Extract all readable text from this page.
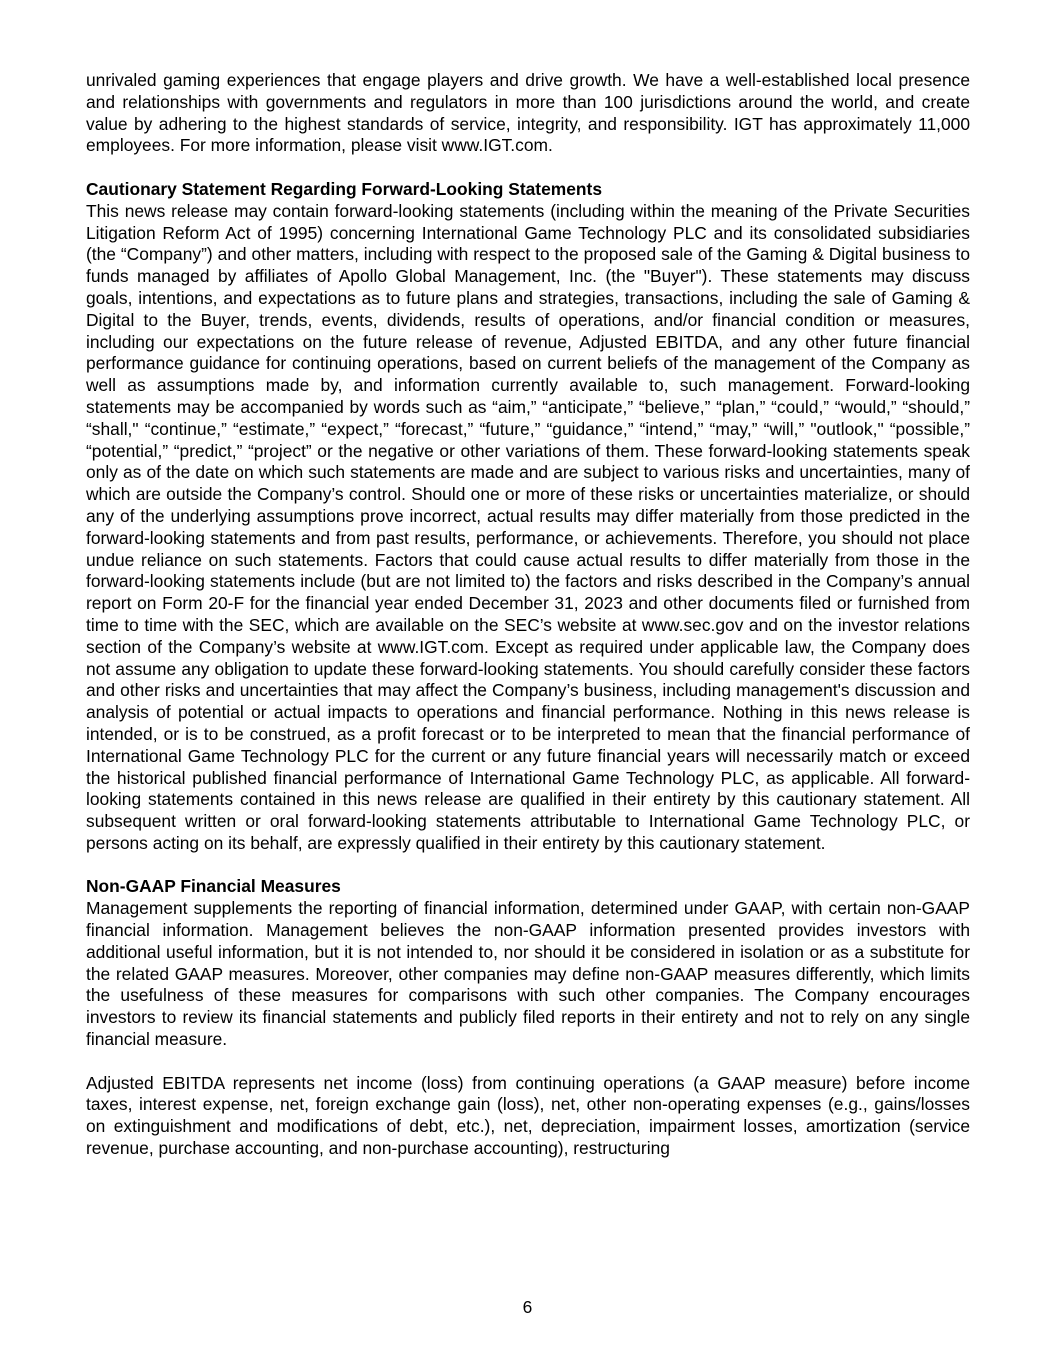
unrivaled gaming experiences that engage players and drive growth. We have a well-established local presence and relationships with governments and regulators in more than 100 jurisdictions around the world, and create value by adhering to the highest standards of service, integrity, and responsibility. IGT has approximately 11,000 employees. For more information, please visit www.IGT.com.

Cautionary Statement Regarding Forward-Looking Statements

This news release may contain forward-looking statements (including within the meaning of the Private Securities Litigation Reform Act of 1995) concerning International Game Technology PLC and its consolidated subsidiaries (the “Company”) and other matters, including with respect to the proposed sale of the Gaming & Digital business to funds managed by affiliates of Apollo Global Management, Inc. (the "Buyer"). These statements may discuss goals, intentions, and expectations as to future plans and strategies, transactions, including the sale of Gaming & Digital to the Buyer, trends, events, dividends, results of operations, and/or financial condition or measures, including our expectations on the future release of revenue, Adjusted EBITDA, and any other future financial performance guidance for continuing operations, based on current beliefs of the management of the Company as well as assumptions made by, and information currently available to, such management. Forward-looking statements may be accompanied by words such as “aim,” “anticipate,” “believe,” “plan,” “could,” “would,” “should,” “shall," “continue,” “estimate,” “expect,” “forecast,” “future,” “guidance,” “intend,” “may,” “will,” "outlook," “possible,” “potential,” “predict,” “project” or the negative or other variations of them. These forward-looking statements speak only as of the date on which such statements are made and are subject to various risks and uncertainties, many of which are outside the Company’s control. Should one or more of these risks or uncertainties materialize, or should any of the underlying assumptions prove incorrect, actual results may differ materially from those predicted in the forward-looking statements and from past results, performance, or achievements. Therefore, you should not place undue reliance on such statements. Factors that could cause actual results to differ materially from those in the forward-looking statements include (but are not limited to) the factors and risks described in the Company’s annual report on Form 20-F for the financial year ended December 31, 2023 and other documents filed or furnished from time to time with the SEC, which are available on the SEC’s website at www.sec.gov and on the investor relations section of the Company’s website at www.IGT.com. Except as required under applicable law, the Company does not assume any obligation to update these forward-looking statements. You should carefully consider these factors and other risks and uncertainties that may affect the Company’s business, including management's discussion and analysis of potential or actual impacts to operations and financial performance. Nothing in this news release is intended, or is to be construed, as a profit forecast or to be interpreted to mean that the financial performance of International Game Technology PLC for the current or any future financial years will necessarily match or exceed the historical published financial performance of International Game Technology PLC, as applicable. All forward-looking statements contained in this news release are qualified in their entirety by this cautionary statement. All subsequent written or oral forward-looking statements attributable to International Game Technology PLC, or persons acting on its behalf, are expressly qualified in their entirety by this cautionary statement.

Non-GAAP Financial Measures

Management supplements the reporting of financial information, determined under GAAP, with certain non-GAAP financial information. Management believes the non-GAAP information presented provides investors with additional useful information, but it is not intended to, nor should it be considered in isolation or as a substitute for the related GAAP measures. Moreover, other companies may define non-GAAP measures differently, which limits the usefulness of these measures for comparisons with such other companies. The Company encourages investors to review its financial statements and publicly filed reports in their entirety and not to rely on any single financial measure.

Adjusted EBITDA represents net income (loss) from continuing operations (a GAAP measure) before income taxes, interest expense, net, foreign exchange gain (loss), net, other non-operating expenses (e.g., gains/losses on extinguishment and modifications of debt, etc.), net, depreciation, impairment losses, amortization (service revenue, purchase accounting, and non-purchase accounting), restructuring

6
